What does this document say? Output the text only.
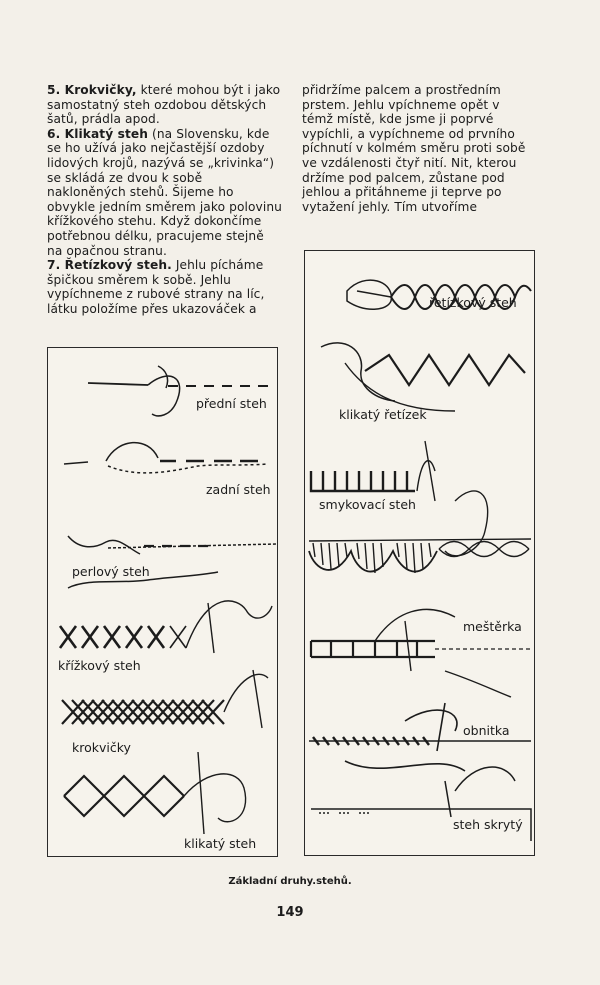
5. Krokvičky, které mohou být i jako samostatný steh ozdobou dětských šatů, prádla apod.

6. Klikatý steh (na Slovensku, kde se ho užívá jako nejčastější ozdoby lidových krojů, nazývá se „krivinka“) se skládá ze dvou k sobě nakloněných stehů. Šijeme ho obvykle jedním směrem jako polovinu křížkového stehu. Když dokončíme potřebnou délku, pracujeme stejně na opačnou stranu.

7. Řetízkový steh. Jehlu pícháme špičkou směrem k sobě. Jehlu vypíchneme z rubové strany na líc, látku položíme přes ukazováček a

přidržíme palcem a prostředním prstem. Jehlu vpíchneme opět v témž místě, kde jsme ji poprvé vypíchli, a vypíchneme od prvního píchnutí v kolmém směru proti sobě ve vzdálenosti čtyř nití. Nit, kterou držíme pod palcem, zůstane pod jehlou a přitáhneme ji teprve po vytažení jehly. Tím utvoříme

přední steh
zadní steh
perlový steh
křížkový steh
krokvičky
klikatý steh
řetízkový steh
klikatý řetízek
smykovací steh
meštěrka
obnitka
steh skrytý
Základní druhy.stehů.
149
